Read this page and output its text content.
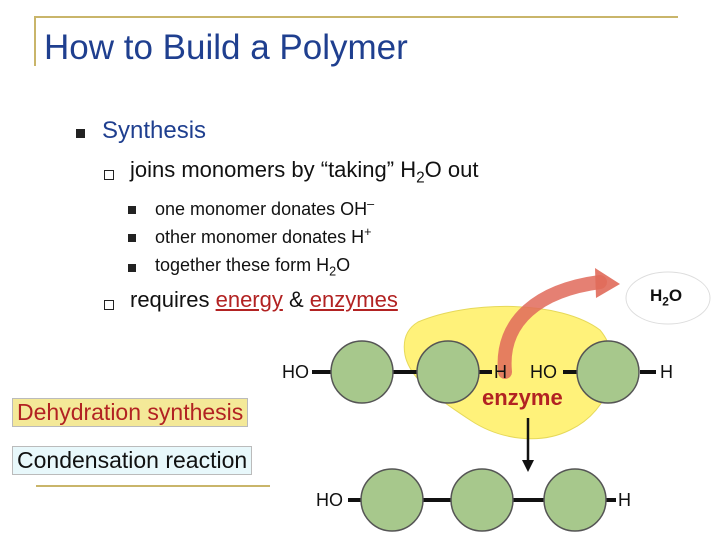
How to Build a Polymer
Synthesis
joins monomers by “taking” $H_2O$ out
one monomer donates OH–
other monomer donates H+
together these form $H_2O$
requires energy & enzymes	$H_2O$
HO	H HO	H
enzyme
HO	H
Dehydration synthesis
Condensation reaction
